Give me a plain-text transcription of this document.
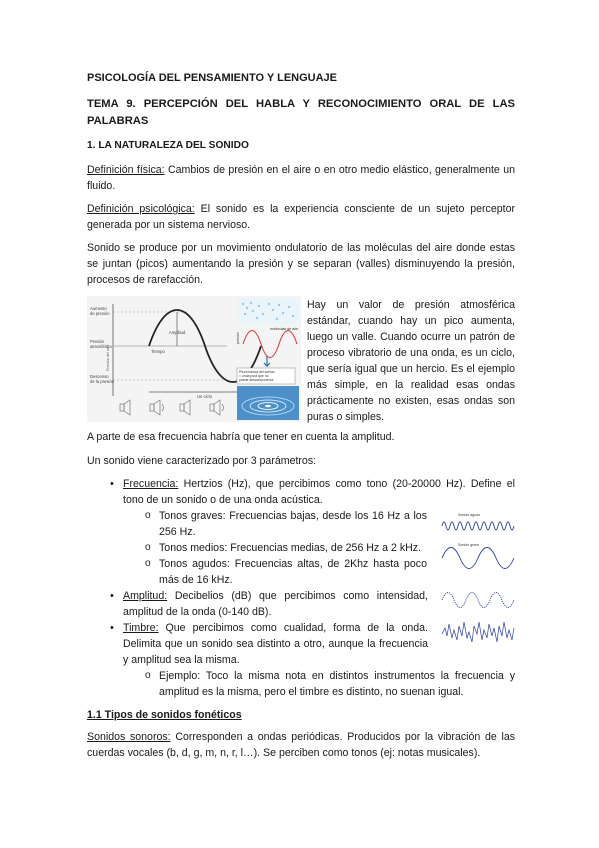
PSICOLOGÍA DEL PENSAMIENTO Y LENGUAJE
TEMA 9. PERCEPCIÓN DEL HABLA Y RECONOCIMIENTO ORAL DE LAS PALABRAS
1. LA NATURALEZA DEL SONIDO
Definición física: Cambios de presión en el aire o en otro medio elástico, generalmente un fluido.
Definición psicológica: El sonido es la experiencia consciente de un sujeto perceptor generada por un sistema nervioso.
Sonido se produce por un movimiento ondulatorio de las moléculas del aire donde estas se juntan (picos) aumentando la presión y se separan (valles) disminuyendo la presión, procesos de rarefacción.
Aumento
de presión
Presión
atmosférica
Descenso
de la presión
Amplitud
Tiempo
Un ciclo
Presión del aire
moléculas de aire
presión
Pieza básica del sonido
= onda pura que no
puede descomponerse
Hay un valor de presión atmosférica estándar, cuando hay un pico aumenta, luego un valle. Cuando ocurre un patrón de proceso vibratorio de una onda, es un ciclo, que sería igual que un hercio. Es el ejemplo más simple, en la realidad esas ondas prácticamente no existen, esas ondas son puras o simples.
A parte de esa frecuencia habría que tener en cuenta la amplitud.
Un sonido viene caracterizado por 3 parámetros:
• Frecuencia: Hertzios (Hz), que percibimos como tono (20-20000 Hz). Define el tono de un sonido o de una onda acústica.
o Tonos graves: Frecuencias bajas, desde los 16 Hz a los 256 Hz.
o Tonos medios: Frecuencias medias, de 256 Hz a 2 kHz.
o Tonos agudos: Frecuencias altas, de 2Khz hasta poco más de 16 kHz.
Sonido agudo
Sonido grave
• Amplitud: Decibelios (dB) que percibimos como intensidad, amplitud de la onda (0-140 dB).
• Timbre: Que percibimos como cualidad, forma de la onda. Delimita que un sonido sea distinto a otro, aunque la frecuencia y amplitud sea la misma.
o Ejemplo: Toco la misma nota en distintos instrumentos la frecuencia y amplitud es la misma, pero el timbre es distinto, no suenan igual.
1.1 Tipos de sonidos fonéticos
Sonidos sonoros: Corresponden a ondas periódicas. Producidos por la vibración de las cuerdas vocales (b, d, g, m, n, r, l…). Se perciben como tonos (ej: notas musicales).
